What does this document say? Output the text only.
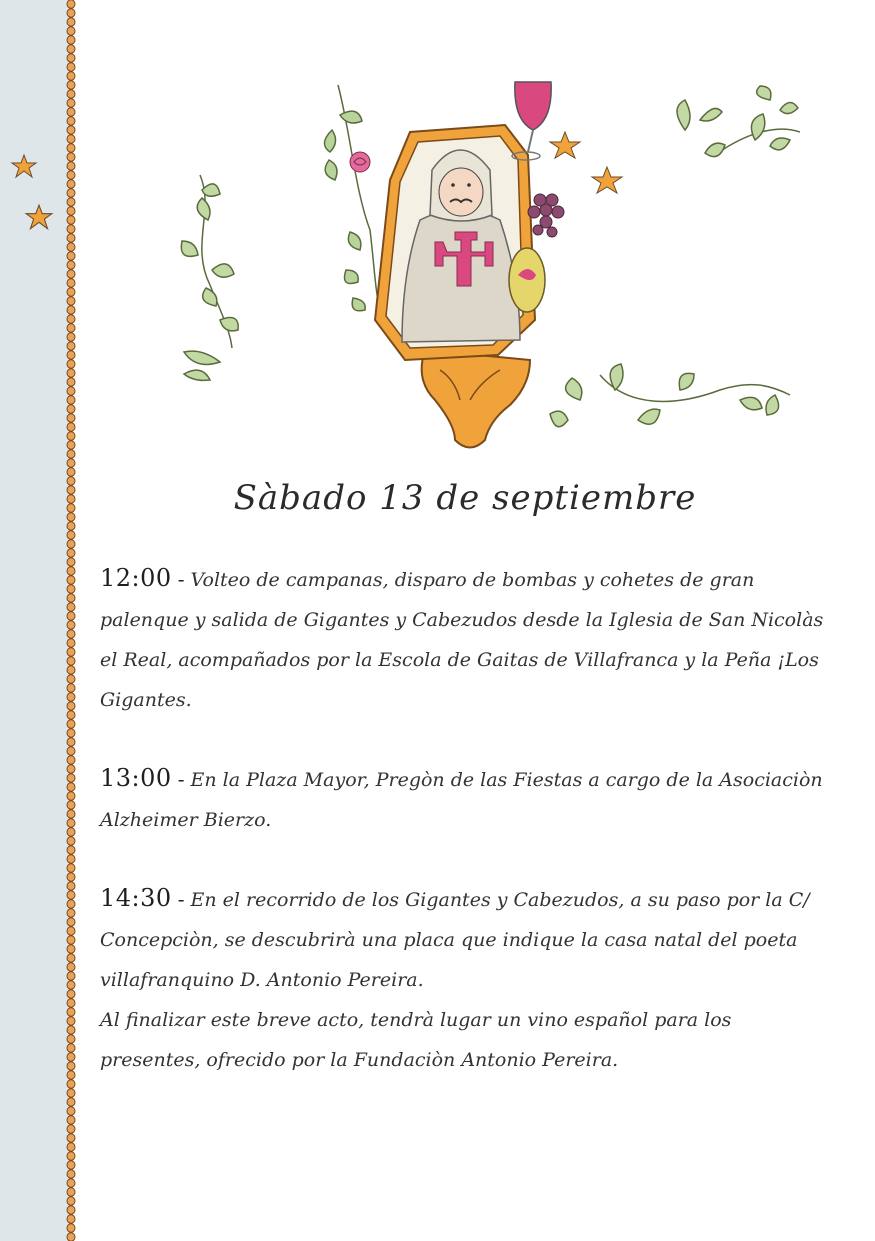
Sàbado 13 de septiembre

12:00 - Volteo de campanas, disparo de bombas y cohetes de gran palenque y salida de Gigantes y Cabezudos desde la Iglesia de San Nicolàs el Real, acompañados por la Escola de Gaitas de Villafranca y la Peña ¡Los Gigantes.

13:00 - En la Plaza Mayor, Pregòn de las Fiestas a cargo de la Asociaciòn Alzheimer Bierzo.

14:30 - En el recorrido de los Gigantes y Cabezudos, a su paso por la C/ Concepciòn, se descubrirà una placa que indique la casa natal del poeta villafranquino D. Antonio Pereira.

Al finalizar este breve acto, tendrà lugar un vino español para los presentes, ofrecido por la Fundaciòn Antonio Pereira.
